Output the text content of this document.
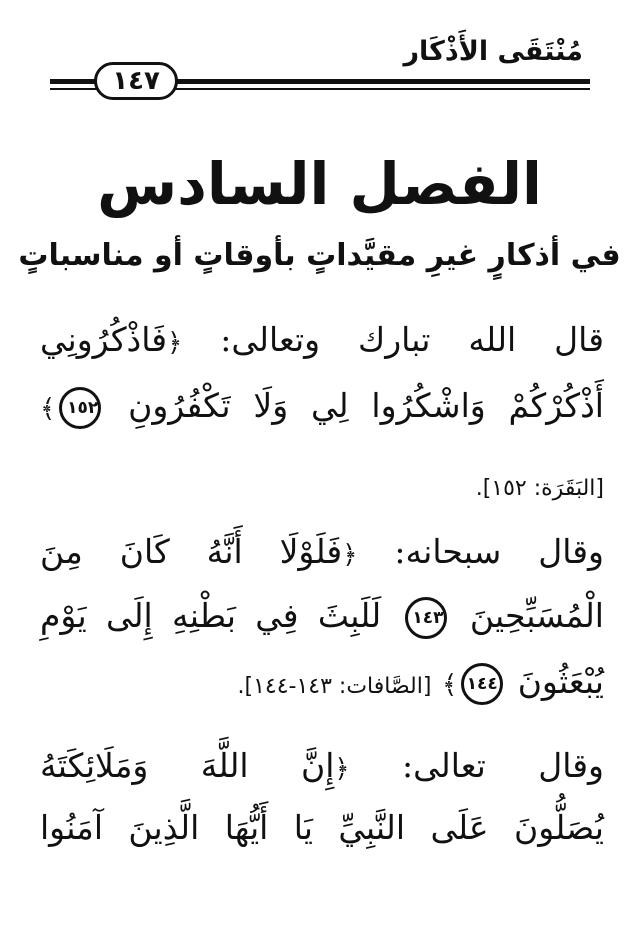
مُنْتَقَى الأَذْكَار
١٤٧
الفصل السادس
في أذكارٍ غيرِ مقيَّداتٍ بأوقاتٍ أو مناسباتٍ
قال الله تبارك وتعالى: ﴿فَاذْكُرُونِي
أَذْكُرْكُمْ وَاشْكُرُوا لِي وَلَا تَكْفُرُونِ ١٥٢﴾
[البَقَرَة: ١٥٢].
وقال سبحانه: ﴿فَلَوْلَا أَنَّهُ كَانَ مِنَ
الْمُسَبِّحِينَ ١٤٣ لَلَبِثَ فِي بَطْنِهِ إِلَى يَوْمِ
يُبْعَثُونَ ١٤٤﴾ [الصَّافات: ١٤٣-١٤٤].
وقال تعالى: ﴿إِنَّ اللَّهَ وَمَلَائِكَتَهُ
يُصَلُّونَ عَلَى النَّبِيِّ يَا أَيُّهَا الَّذِينَ آمَنُوا
